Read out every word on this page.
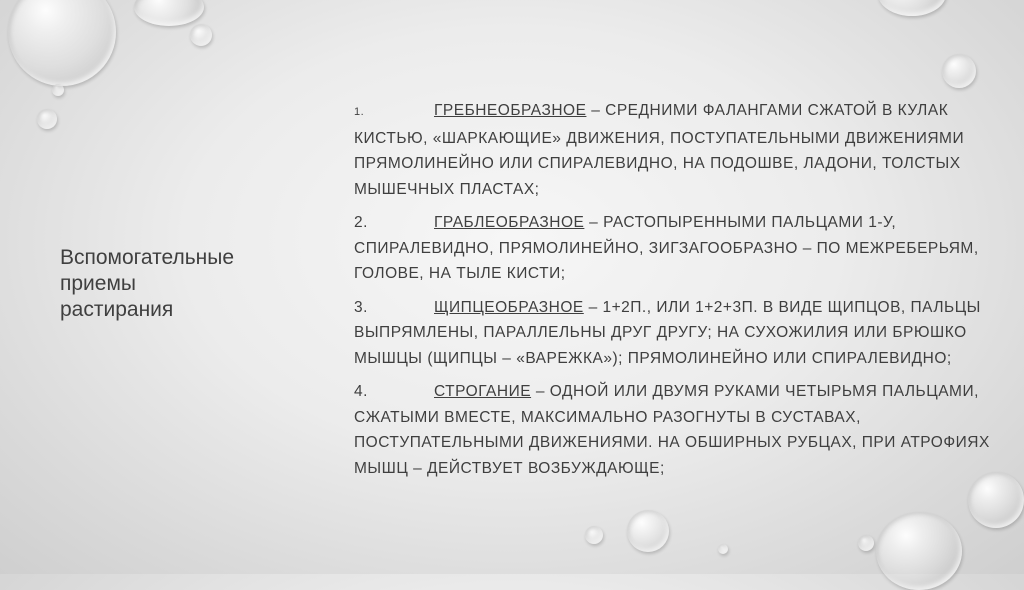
Вспомогательные
приемы
растирания

1.	ГРЕБНЕОБРАЗНОЕ – СРЕДНИМИ ФАЛАНГАМИ СЖАТОЙ В КУЛАК КИСТЬЮ, «ШАРКАЮЩИЕ» ДВИЖЕНИЯ, ПОСТУПАТЕЛЬНЫМИ ДВИЖЕНИЯМИ ПРЯМОЛИНЕЙНО ИЛИ СПИРАЛЕВИДНО, НА ПОДОШВЕ, ЛАДОНИ, ТОЛСТЫХ МЫШЕЧНЫХ ПЛАСТАХ;

2.	ГРАБЛЕОБРАЗНОЕ – РАСТОПЫРЕННЫМИ ПАЛЬЦАМИ 1-У, СПИРАЛЕВИДНО, ПРЯМОЛИНЕЙНО, ЗИГЗАГООБРАЗНО – ПО МЕЖРЕБЕРЬЯМ, ГОЛОВЕ, НА ТЫЛЕ КИСТИ;

3.	ЩИПЦЕОБРАЗНОЕ – 1+2П., ИЛИ 1+2+3П. В ВИДЕ ЩИПЦОВ, ПАЛЬЦЫ ВЫПРЯМЛЕНЫ, ПАРАЛЛЕЛЬНЫ ДРУГ ДРУГУ; НА СУХОЖИЛИЯ ИЛИ БРЮШКО МЫШЦЫ (ЩИПЦЫ – «ВАРЕЖКА»); ПРЯМОЛИНЕЙНО ИЛИ СПИРАЛЕВИДНО;

4.	СТРОГАНИЕ – ОДНОЙ ИЛИ ДВУМЯ РУКАМИ ЧЕТЫРЬМЯ ПАЛЬЦАМИ, СЖАТЫМИ ВМЕСТЕ, МАКСИМАЛЬНО РАЗОГНУТЫ В СУСТАВАХ, ПОСТУПАТЕЛЬНЫМИ ДВИЖЕНИЯМИ. НА ОБШИРНЫХ РУБЦАХ, ПРИ АТРОФИЯХ МЫШЦ – ДЕЙСТВУЕТ ВОЗБУЖДАЮЩЕ;
